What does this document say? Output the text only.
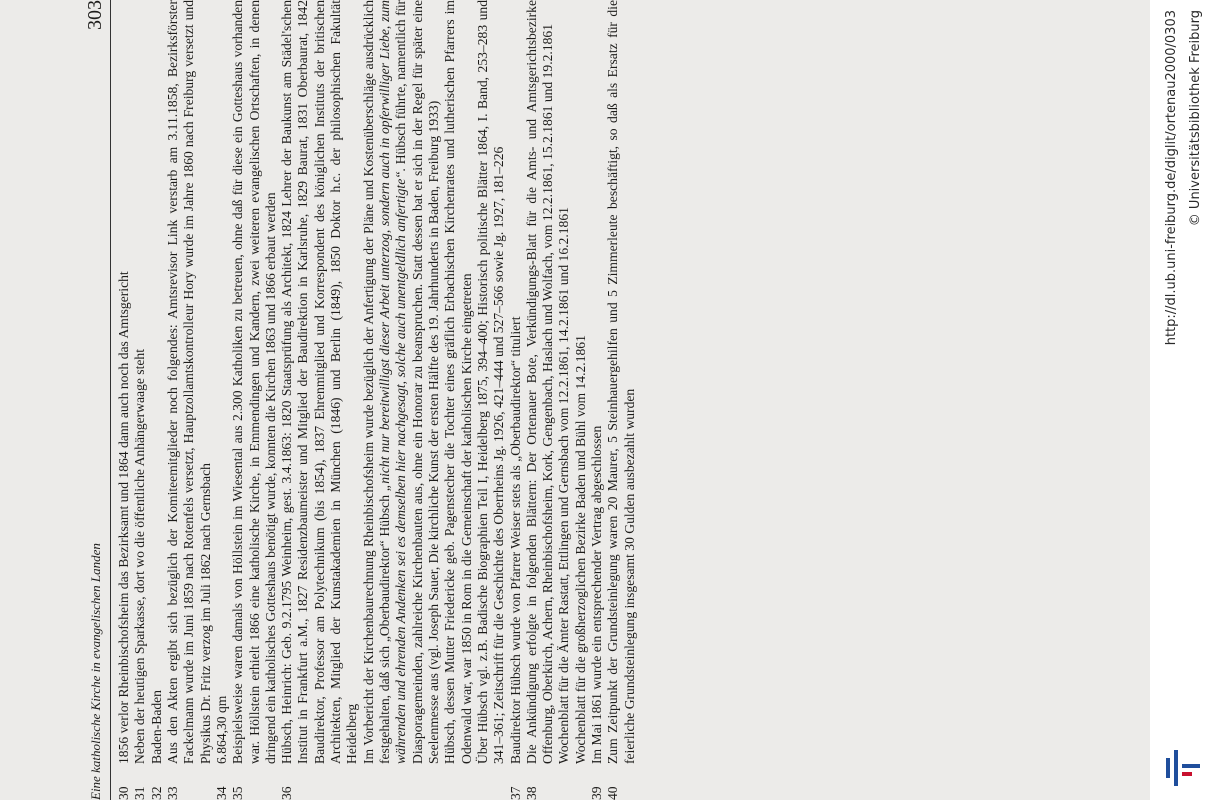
Eine katholische Kirche in evangelischen Landen
303
30

1856 verlor Rheinbischofsheim das Bezirksamt und 1864 dann auch noch das Amtsgericht

31

Neben der heutigen Sparkasse, dort wo die öffentliche Anhängerwaage steht

32

Baden-Baden

33

Aus den Akten ergibt sich bezüglich der Komiteemitglieder noch folgendes: Amtsrevisor Link verstarb am 3.11.1858, Bezirksförster Fackelmann wurde im Juni 1859 nach Rotenfels versetzt, Hauptzollamtskontrolleur Hory wurde im Jahre 1860 nach Freiburg versetzt und Physikus Dr. Fritz verzog im Juli 1862 nach Gernsbach

34

6.864,30 qm

35

Beispielsweise waren damals von Höllstein im Wiesental aus 2.300 Katholiken zu betreuen, ohne daß für diese ein Gotteshaus vorhanden war. Höllstein erhielt 1866 eine katholische Kirche, in Emmendingen und Kandern, zwei weiteren evangelischen Ortschaften, in denen dringend ein katholisches Gotteshaus benötigt wurde, konnten die Kirchen 1863 und 1866 erbaut werden

36

Hübsch, Heinrich: Geb. 9.2.1795 Weinheim, gest. 3.4.1863: 1820 Staatsprüfung als Architekt, 1824 Lehrer der Baukunst am Städel'schen Institut in Frankfurt a.M., 1827 Residenzbaumeister und Mitglied der Baudirektion in Karlsruhe, 1829 Baurat, 1831 Oberbaurat, 1842 Baudirektor, Professor am Polytechnikum (bis 1854), 1837 Ehrenmitglied und Korrespondent des königlichen Instituts der britischen Architekten, Mitglied der Kunstakademien in München (1846) und Berlin (1849), 1850 Doktor h.c. der philosophischen Fakultät Heidelberg Im Vorbericht der Kirchenbaurechnung Rheinbischofsheim wurde bezüglich der Anfertigung der Pläne und Kostenüberschläge ausdrücklich festgehalten, daß sich „Oberbaudirektor“ Hübsch „nicht nur bereitwilligst dieser Arbeit unterzog, sondern auch in opferwilliger Liebe, zum währenden und ehrenden Andenken sei es demselben hier nachgesagt, solche auch unentgeldlich anfertigte“. Hübsch führte, namentlich für Diasporagemeinden, zahlreiche Kirchenbauten aus, ohne ein Honorar zu beanspruchen. Statt dessen bat er sich in der Regel für später eine Seelenmesse aus (vgl. Joseph Sauer, Die kirchliche Kunst der ersten Hälfte des 19. Jahrhunderts in Baden, Freiburg 1933) Hübsch, dessen Mutter Friedericke geb. Pagenstecher die Tochter eines gräflich Erbachischen Kirchenrates und lutherischen Pfarrers im Odenwald war, war 1850 in Rom in die Gemeinschaft der katholischen Kirche eingetreten Über Hübsch vgl. z.B. Badische Biographien Teil I, Heidelberg 1875, 394–400; Historisch politische Blätter 1864, I. Band, 253–283 und 341–361; Zeitschrift für die Geschichte des Oberrheins Jg. 1926, 421–444 und 527–566 sowie Jg. 1927, 181–226

37

Baudirektor Hübsch wurde von Pfarrer Weiser stets als „Oberbaudirektor“ tituliert

38

Die Ankündigung erfolgte in folgenden Blättern: Der Ortenauer Bote, Verkündigungs-Blatt für die Amts- und Amtsgerichtsbezirke Offenburg, Oberkirch, Achern, Rheinbischofsheim, Kork, Gengenbach, Haslach und Wolfach, vom 12.2.1861, 15.2.1861 und 19.2.1861 Wochenblatt für die Ämter Rastatt, Ettlingen und Gernsbach vom 12.2.1861, 14.2.1861 und 16.2.1861 Wochenblatt für die großherzoglichen Bezirke Baden und Bühl vom 14.2.1861

39

Im Mai 1861 wurde ein entsprechender Vertrag abgeschlossen

40

Zum Zeitpunkt der Grundsteinlegung waren 20 Maurer, 5 Steinhauergehilfen und 5 Zimmerleute beschäftigt, so daß als Ersatz für die feierliche Grundsteinlegung insgesamt 30 Gulden ausbezahlt wurden

http://dl.ub.uni-freiburg.de/diglit/ortenau2000/0303 © Universitätsbibliothek Freiburg
